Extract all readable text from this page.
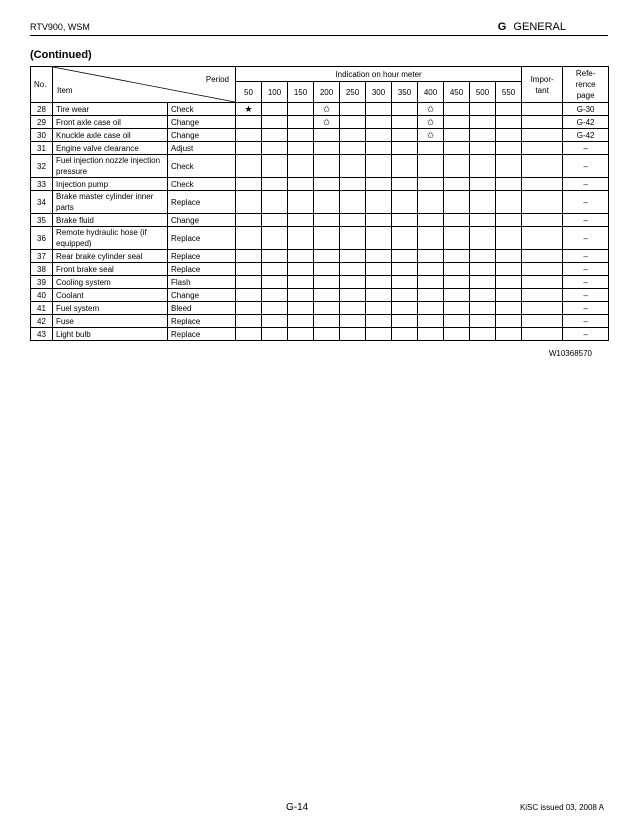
RTV900, WSM	G GENERAL
(Continued)
No.	Period
Item		Indication on hour meter											Impor- tant	Refe- rence page
			50	100	150	200	250	300	350	400	450	500	550		
28	Tire wear	Check	★			✩				✩					G-30
29	Front axle case oil	Change				✩				✩					G-42
30	Knuckle axle case oil	Change								✩					G-42
31	Engine valve clearance	Adjust													–
32	Fuel injection nozzle injection pressure	Check													–
33	Injection pump	Check													–
34	Brake master cylinder inner parts	Replace													–
35	Brake fluid	Change													–
36	Remote hydraulic hose (if equipped)	Replace													–
37	Rear brake cylinder seal	Replace													–
38	Front brake seal	Replace													–
39	Cooling system	Flash													–
40	Coolant	Change													–
41	Fuel system	Bleed													–
42	Fuse	Replace													–
43	Light bulb	Replace													–
W10368570
G-14	KiSC issued 03, 2008 A
